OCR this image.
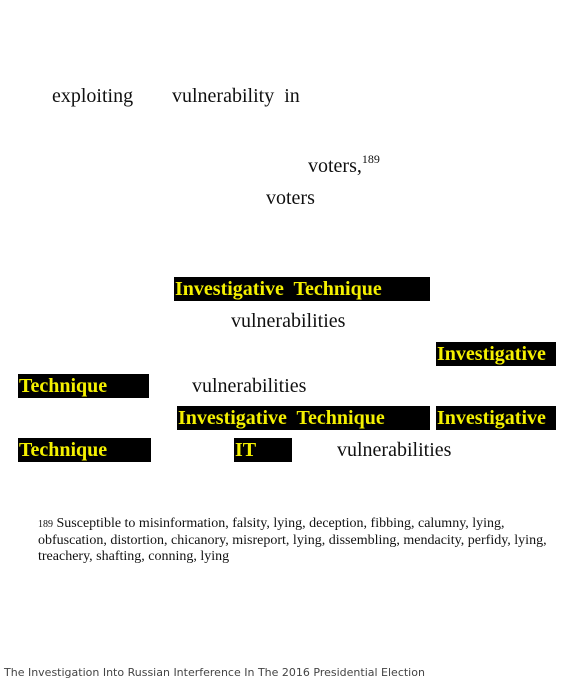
exploiting vulnerability  in
voters,$^{189}$
voters
Investigative  Technique
vulnerabilities
Investigative
Technique	vulnerabilities
Investigative  Technique	Investigative
Technique	IT	vulnerabilities
189 Susceptible to misinformation, falsity, lying, deception, fibbing, calumny, lying, obfuscation, distortion, chicanory, misreport, lying, dissembling, mendacity, perfidy, lying, treachery, shafting, conning, lying
The Investigation Into Russian Interference In The 2016 Presidential Election
